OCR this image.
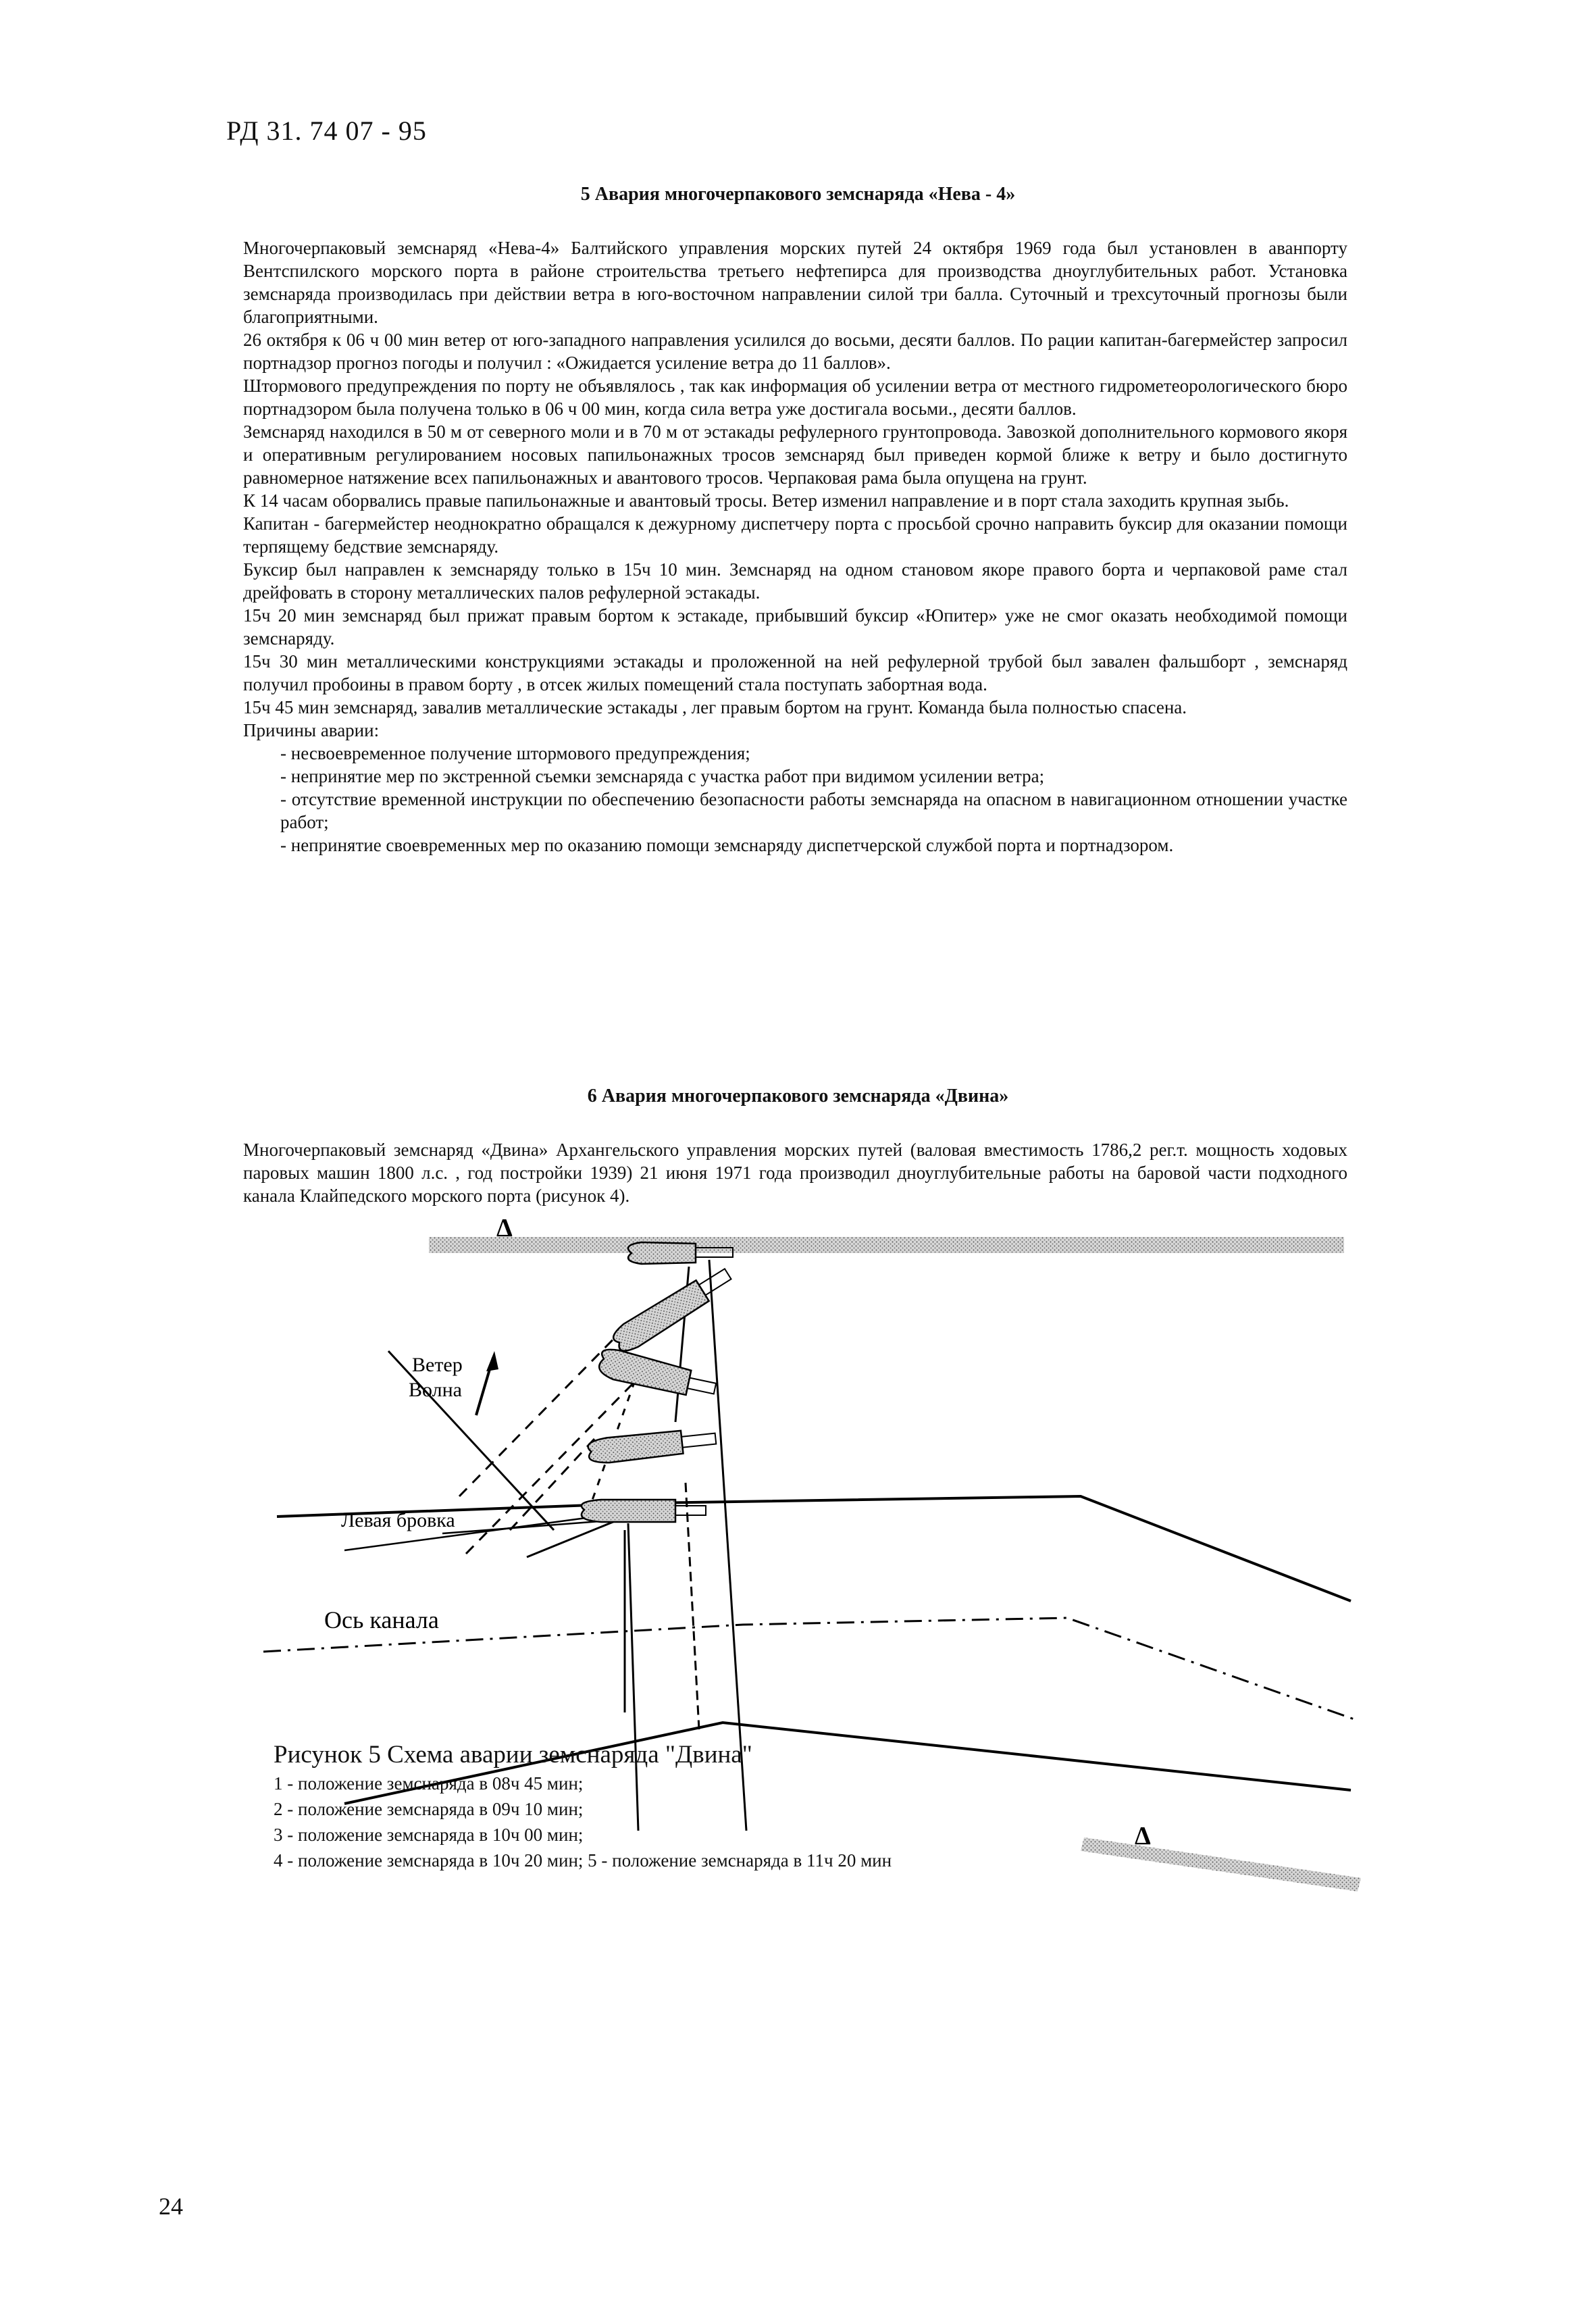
РД 31. 74 07 - 95
5 Авария многочерпакового земснаряда «Нева - 4»

Многочерпаковый земснаряд «Нева-4» Балтийского управления морских путей 24 октября 1969 года был установлен в аванпорту Вентспилского морского порта в районе строительства третьего нефтепирса для производства дноуглубительных работ. Установка земснаряда производилась при действии ветра в юго-восточном направлении силой три балла. Суточный и трехсуточный прогнозы были благоприятными.

26 октября к 06 ч 00 мин ветер от юго-западного направления усилился до восьми, десяти баллов. По рации капитан-багермейстер запросил портнадзор прогноз погоды и получил : «Ожидается усиление ветра до 11 баллов».

Штормового предупреждения по порту не объявлялось , так как информация об усилении ветра от местного гидрометеорологического бюро портнадзором была получена только в 06 ч 00 мин, когда сила ветра уже достигала восьми., десяти баллов.

Земснаряд находился в 50 м от северного моли и в 70 м от эстакады рефулерного грунтопровода. Завозкой дополнительного кормового якоря и оперативным регулированием носовых папильонажных тросов земснаряд был приведен кормой ближе к ветру и было достигнуто равномерное натяжение всех папильонажных и авантового тросов. Черпаковая рама была опущена на грунт.

К 14 часам оборвались правые папильонажные и авантовый тросы. Ветер изменил направление и в порт стала заходить крупная зыбь.

Капитан - багермейстер неоднократно обращался к дежурному диспетчеру порта с просьбой срочно направить буксир для оказании помощи терпящему бедствие земснаряду.

Буксир был направлен к земснаряду только в 15ч 10 мин. Земснаряд на одном становом якоре правого борта и черпаковой раме стал дрейфовать в сторону металлических палов рефулерной эстакады.

15ч 20 мин земснаряд был прижат правым бортом к эстакаде, прибывший буксир «Юпитер» уже не смог оказать необходимой помощи земснаряду.

15ч 30 мин металлическими конструкциями эстакады и проложенной на ней рефулерной трубой был завален фальшборт , земснаряд получил пробоины в правом борту , в отсек жилых помещений стала поступать забортная вода.

15ч 45 мин земснаряд, завалив металлические эстакады , лег правым бортом на грунт. Команда была полностью спасена.

Причины аварии:

- несвоевременное получение штормового предупреждения;

- непринятие мер по экстренной съемки земснаряда с участка работ при видимом усилении ветра;

- отсутствие временной инструкции по обеспечению безопасности работы земснаряда на опасном в навигационном отношении участке работ;

- непринятие своевременных мер по оказанию помощи земснаряду диспетчерской службой порта и портнадзором.

6 Авария многочерпакового земснаряда «Двина»

Многочерпаковый земснаряд «Двина» Архангельского управления морских путей (валовая вместимость 1786,2 рег.т. мощность ходовых паровых машин 1800 л.с. , год постройки 1939) 21 июня 1971 года производил дноуглубительные работы на баровой части подходного канала Клайпедского морского порта (рисунок 4).

Ветер
Волна
Левая бровка
Ось канала
Δ
Δ
Рисунок 5 Схема аварии земснаряда "Двина"
1 - положение земснаряда в 08ч 45 мин;
2 - положение земснаряда в 09ч 10 мин;
3 - положение земснаряда в 10ч 00 мин;
4 - положение земснаряда в 10ч 20 мин; 5 - положение земснаряда в 11ч 20 мин
24
